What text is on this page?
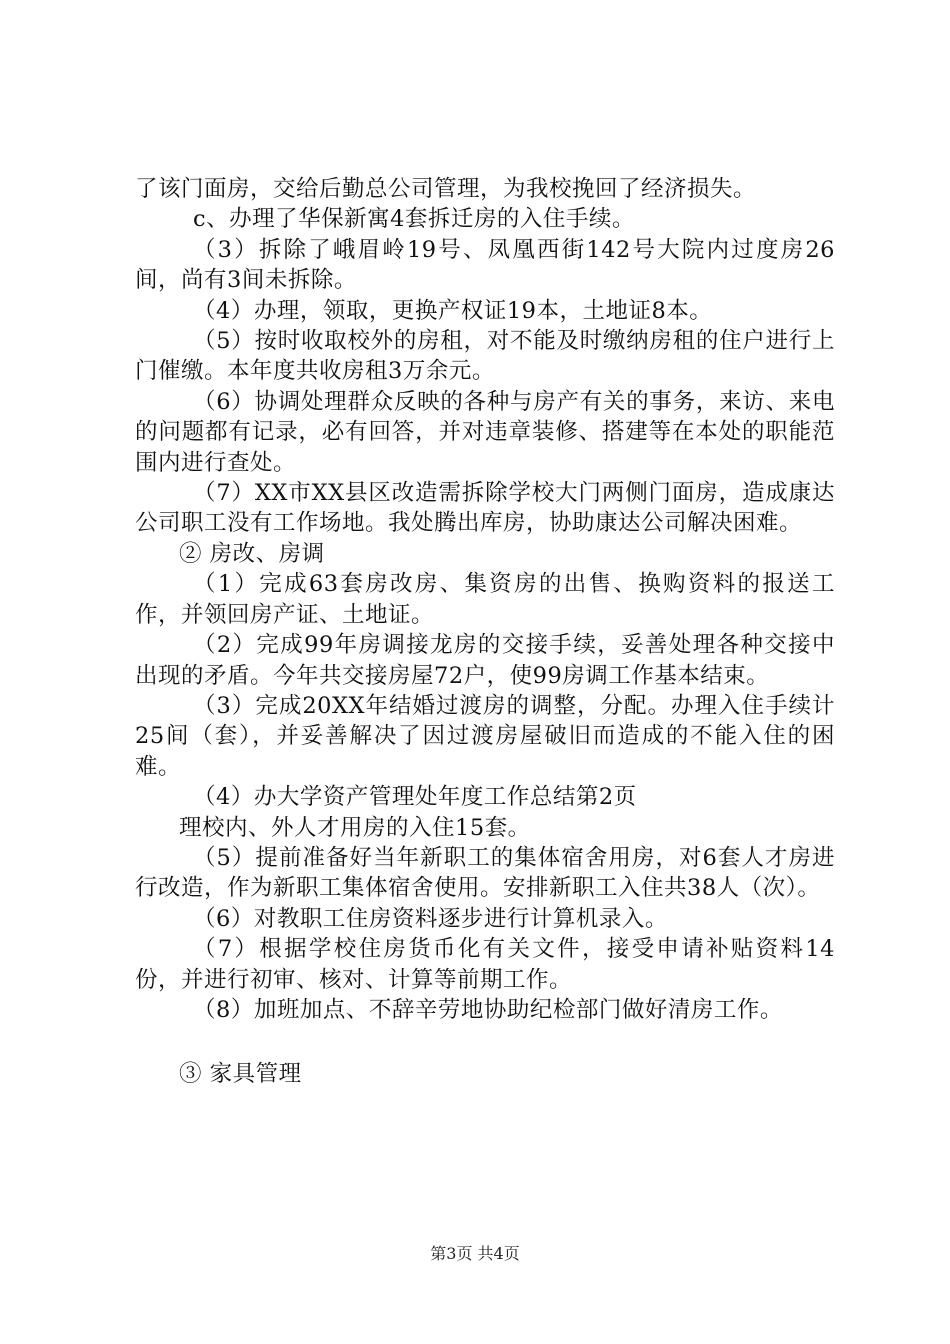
了该门面房，交给后勤总公司管理，为我校挽回了经济损失。

c、办理了华保新寓4套拆迁房的入住手续。

（3）拆除了峨眉岭19号、凤凰西街142号大院内过度房26间，尚有3间未拆除。

（4）办理，领取，更换产权证19本，土地证8本。

（5）按时收取校外的房租，对不能及时缴纳房租的住户进行上门催缴。本年度共收房租3万余元。

（6）协调处理群众反映的各种与房产有关的事务，来访、来电的问题都有记录，必有回答，并对违章装修、搭建等在本处的职能范围内进行查处。

（7）XX市XX县区改造需拆除学校大门两侧门面房，造成康达公司职工没有工作场地。我处腾出库房，协助康达公司解决困难。

② 房改、房调

（1）完成63套房改房、集资房的出售、换购资料的报送工作，并领回房产证、土地证。

（2）完成99年房调接龙房的交接手续，妥善处理各种交接中出现的矛盾。今年共交接房屋72户，使99房调工作基本结束。

（3）完成20XX年结婚过渡房的调整，分配。办理入住手续计25间（套），并妥善解决了因过渡房屋破旧而造成的不能入住的困难。

（4）办大学资产管理处年度工作总结第2页

理校内、外人才用房的入住15套。

（5）提前准备好当年新职工的集体宿舍用房，对6套人才房进行改造，作为新职工集体宿舍使用。安排新职工入住共38人（次）。

（6）对教职工住房资料逐步进行计算机录入。

（7）根据学校住房货币化有关文件，接受申请补贴资料14份，并进行初审、核对、计算等前期工作。

（8）加班加点、不辞辛劳地协助纪检部门做好清房工作。

③ 家具管理

第3页 共4页
